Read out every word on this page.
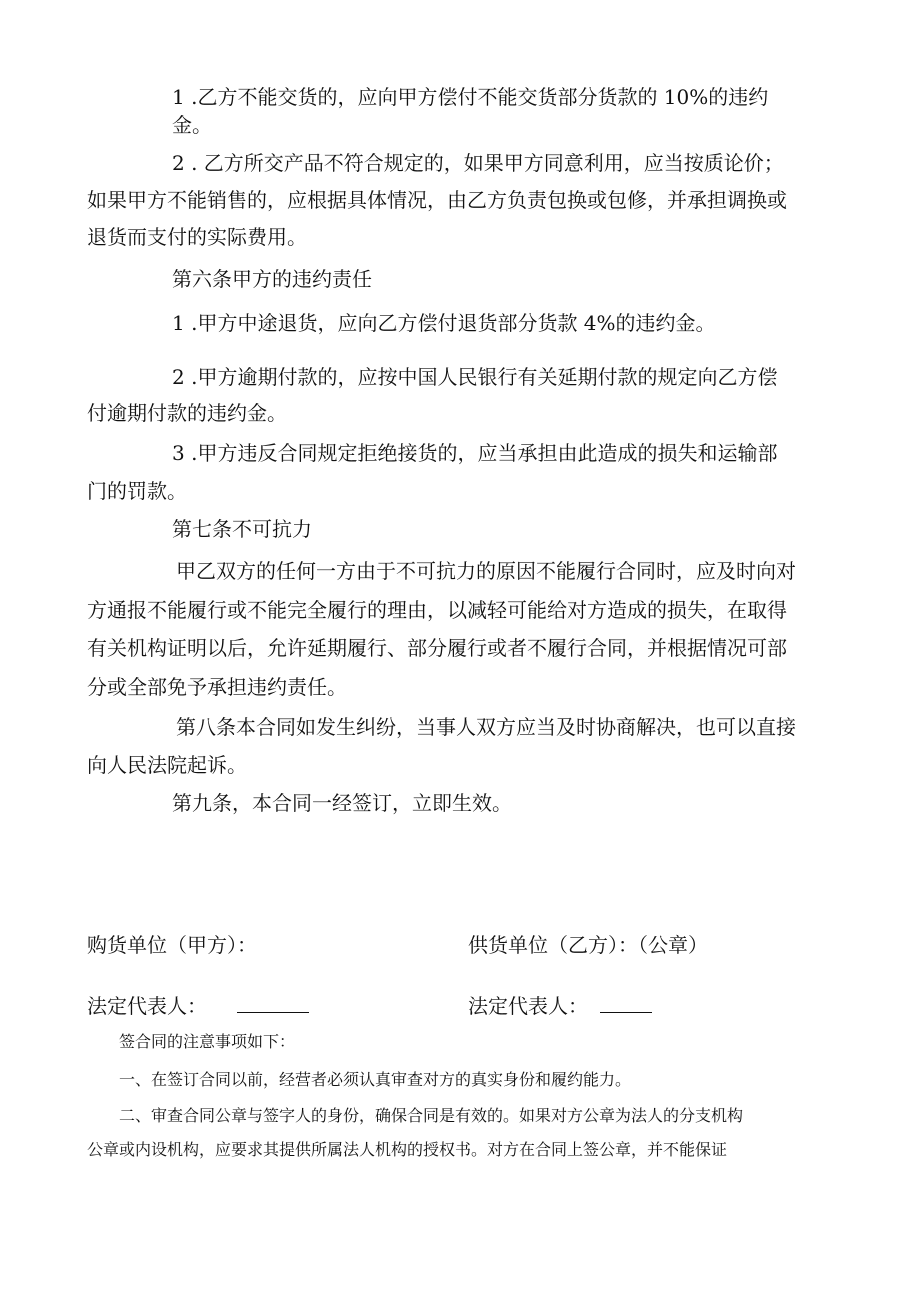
1 .乙方不能交货的，应向甲方偿付不能交货部分货款的 10%的违约
金。
2 . 乙方所交产品不符合规定的，如果甲方同意利用，应当按质论价；
如果甲方不能销售的，应根据具体情况，由乙方负责包换或包修，并承担调换或
退货而支付的实际费用。
第六条甲方的违约责任
1 .甲方中途退货，应向乙方偿付退货部分货款 4%的违约金。
2 .甲方逾期付款的，应按中国人民银行有关延期付款的规定向乙方偿
付逾期付款的违约金。
3 .甲方违反合同规定拒绝接货的，应当承担由此造成的损失和运输部
门的罚款。
第七条不可抗力
甲乙双方的任何一方由于不可抗力的原因不能履行合同时，应及时向对
方通报不能履行或不能完全履行的理由，以减轻可能给对方造成的损失，在取得
有关机构证明以后，允许延期履行、部分履行或者不履行合同，并根据情况可部
分或全部免予承担违约责任。
第八条本合同如发生纠纷，当事人双方应当及时协商解决，也可以直接
向人民法院起诉。
第九条，本合同一经签订，立即生效。
购货单位（甲方）：	供货单位（乙方）：（公章）
法定代表人：	法定代表人：
签合同的注意事项如下：
一、在签订合同以前，经营者必须认真审查对方的真实身份和履约能力。
二、审查合同公章与签字人的身份，确保合同是有效的。如果对方公章为法人的分支机构
公章或内设机构，应要求其提供所属法人机构的授权书。对方在合同上签公章，并不能保证
